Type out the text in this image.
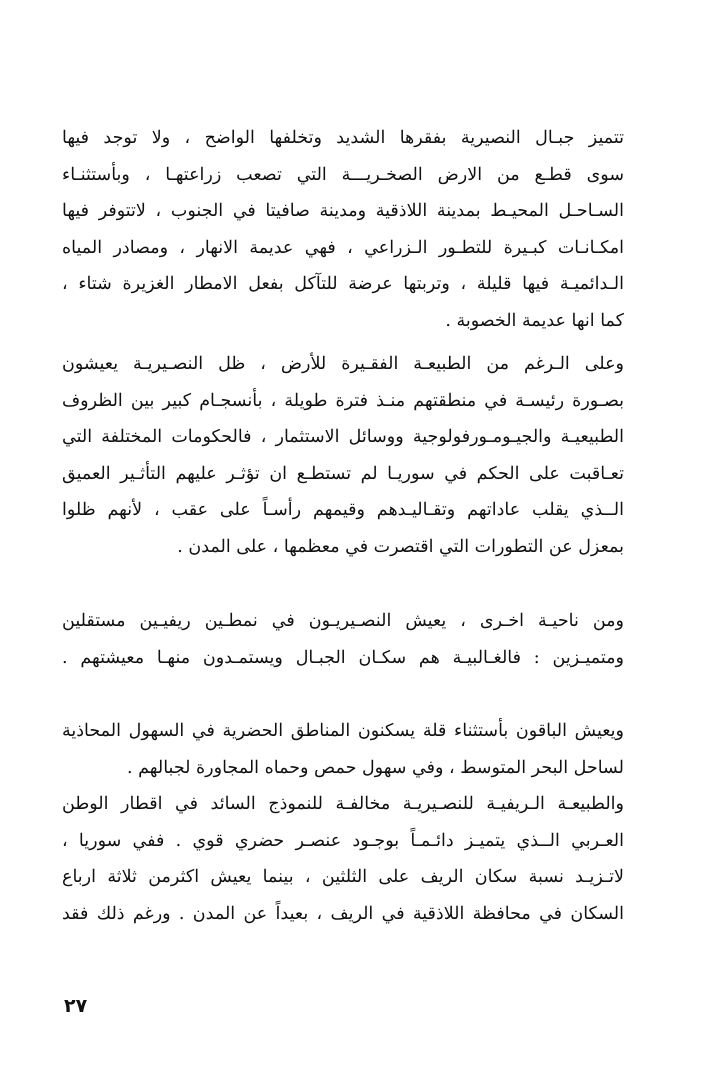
تتميز جبـال النصيرية بفقرها الشديد وتخلفها الواضح ، ولا توجد فيها
سوى قطـع من الارض الصخـريـــة التي تصعب زراعتهـا ، وبأستثنـاء
السـاحـل المحيـط بمدينة اللاذقية ومدينة صافيتا في الجنوب ، لاتتوفر فيها
امكـانـات كبـيرة للتطـور الـزراعي ، فهي عديمة الانهار ، ومصادر المياه
الـدائميـة فيها قليلة ، وتربتها عرضة للتآكل بفعل الامطار الغزيرة شتاء ،
كما انها عديمة الخصوبة .
وعلى الـرغم من الطبيعـة الفقـيرة للأرض ، ظل النصـيريـة يعيشون
بصـورة رئيسـة في منطقتهم منـذ فترة طويلة ، بأنسجـام كبير بين الظروف
الطبيعيـة والجيـومـورفولوجية ووسائل الاستثمار ، فالحكومات المختلفة التي
تعـاقبت على الحكم في سوريـا لم تستطـع ان تؤثـر عليهم التأثـير العميق
الــذي يقلب عاداتهم وتقـاليـدهم وقيمهم رأسـاً على عقب ، لأنهم ظلوا
بمعزل عن التطورات التي اقتصرت في معظمها ، على المدن .
ومن ناحيـة اخـرى ، يعيش النصـيريـون في نمطـين ريفيـين مستقلين
ومتميـزين : فالغـالبيـة هم سكـان الجبـال ويستمـدون منهـا معيشتهم .
ويعيش الباقون بأستثناء قلة يسكنون المناطق الحضرية في السهول المحاذية
لساحل البحر المتوسط ، وفي سهول حمص وحماه المجاورة لجبالهم .
والطبيعـة الـريفيـة للنصـيريـة مخالفـة للنموذج السائد في اقطار الوطن
العـربي الــذي يتميـز دائـمـاً بوجـود عنصـر حضري قوي . ففي سوريا ،
لاتـزيـد نسبة سكان الريف على الثلثين ، بينما يعيش اكثرمن ثلاثة ارباع
السكان في محافظة اللاذقية في الريف ، بعيداً عن المدن . ورغم ذلك فقد
٢٧
